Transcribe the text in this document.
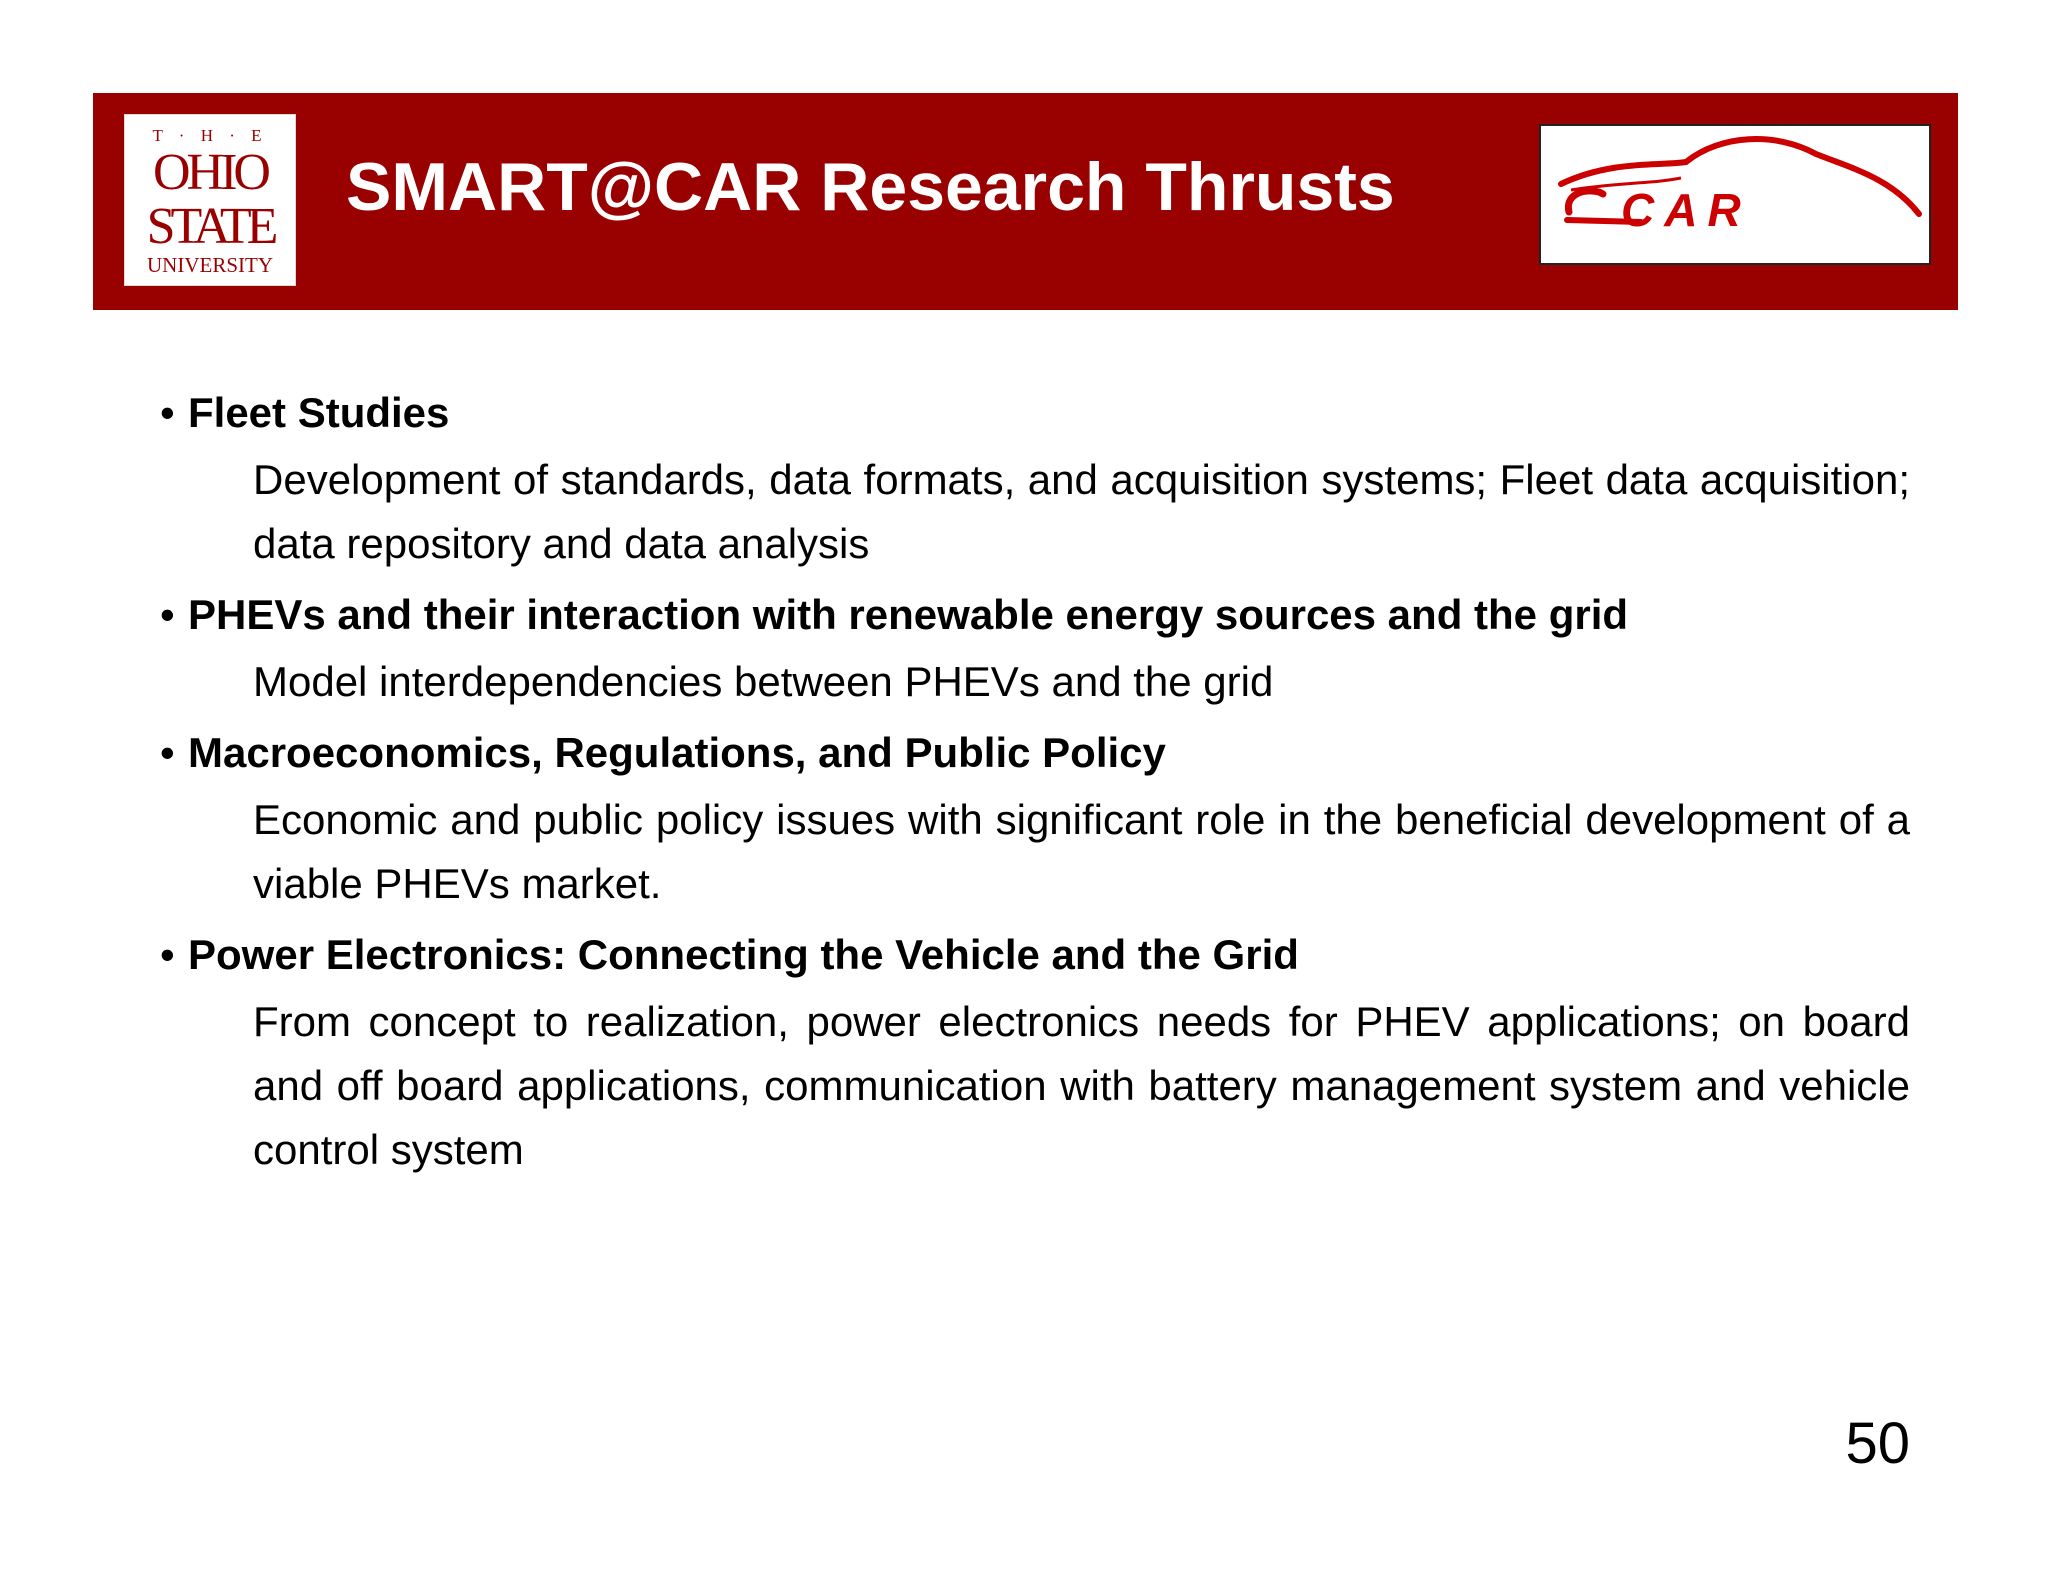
T · H · E
OHIO
STATE
UNIVERSITY
SMART@CAR Research Thrusts	CAR
• Fleet Studies
Development of standards, data formats, and acquisition systems; Fleet data acquisition; data repository and data analysis
• PHEVs and their interaction with renewable energy sources and the grid
Model interdependencies between PHEVs and the grid
• Macroeconomics, Regulations, and Public Policy
Economic and public policy issues with significant role in the beneficial development of a viable PHEVs market.
• Power Electronics: Connecting the Vehicle and the Grid
From concept to realization, power electronics needs for PHEV applications; on board and off board applications, communication with battery management system and vehicle control system
50
